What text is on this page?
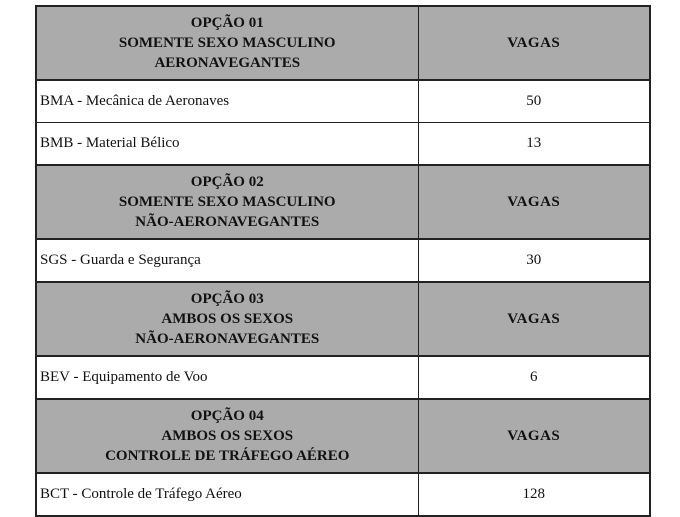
OPÇÃO 01
SOMENTE SEXO MASCULINO
AERONAVEGANTES	VAGAS
BMA - Mecânica de Aeronaves	50
BMB - Material Bélico	13
OPÇÃO 02
SOMENTE SEXO MASCULINO
NÃO-AERONAVEGANTES	VAGAS
SGS - Guarda e Segurança	30
OPÇÃO 03
AMBOS OS SEXOS
NÃO-AERONAVEGANTES	VAGAS
BEV - Equipamento de Voo	6
OPÇÃO 04
AMBOS OS SEXOS
CONTROLE DE TRÁFEGO AÉREO	VAGAS
BCT - Controle de Tráfego Aéreo	128
